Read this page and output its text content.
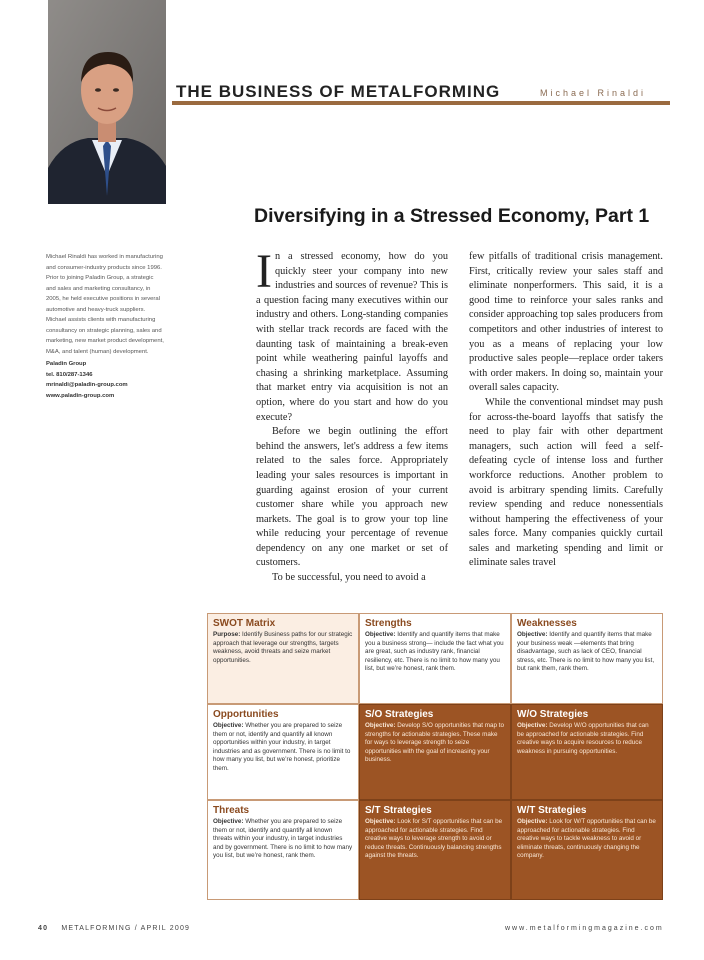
THE BUSINESS OF METALFORMING	Michael Rinaldi
Diversifying in a Stressed Economy, Part 1
Michael Rinaldi has worked in manufacturing and consumer-industry products since 1996. Prior to joining Paladin Group, a strategic and sales and marketing consultancy, in 2005, he held executive positions in several automotive and heavy-truck suppliers. Michael assists clients with manufacturing consultancy on strategic planning, sales and marketing, new market product development, M&A, and talent (human) development.
Paladin Group
tel. 810/287-1346
mrinaldi@paladin-group.com
www.paladin-group.com

In a stressed economy, how do you quickly steer your company into new industries and sources of revenue? This is a question facing many executives within our industry and others. Long-standing companies with stellar track records are faced with the daunting task of maintaining a break-even point while weathering painful layoffs and chasing a shrinking marketplace. Assuming that market entry via acquisition is not an option, where do you start and how do you execute?

Before we begin outlining the effort behind the answers, let's address a few items related to the sales force. Appropriately leading your sales resources is important in guarding against erosion of your current customer share while you approach new markets. The goal is to grow your top line while reducing your percentage of revenue dependency on any one market or set of customers.

To be successful, you need to avoid a

few pitfalls of traditional crisis management. First, critically review your sales staff and eliminate nonperformers. This said, it is a good time to reinforce your sales ranks and consider approaching top sales producers from competitors and other industries of interest to you as a means of replacing your low productive sales people—replace order takers with order makers. In doing so, maintain your overall sales capacity.

While the conventional mindset may push for across-the-board layoffs that satisfy the need to play fair with other department managers, such action will feed a self-defeating cycle of intense loss and further workforce reductions. Another problem to avoid is arbitrary spending limits. Carefully review spending and reduce nonessentials without hampering the effectiveness of your sales force. Many companies quickly curtail sales and marketing spending and limit or eliminate sales travel

SWOT Matrix
Purpose: Identify Business paths for our strategic approach that leverage our strengths, targets weakness, avoid threats and seize market opportunities.
Strengths
Objective: Identify and quantify items that make you a business strong— include the fact what you are great, such as industry rank, financial resiliency, etc. There is no limit to how many you list, but we’re honest, rank them.
Weaknesses
Objective: Identify and quantify items that make your business weak —elements that bring disadvantage, such as lack of CEO, financial stress, etc. There is no limit to how many you list, but rank them, rank them.
Opportunities
Objective: Whether you are prepared to seize them or not, identify and quantify all known opportunities within your industry, in target industries and as government. There is no limit to how many you list, but we’re honest, prioritize them.
S/O Strategies
Objective: Develop S/O opportunities that map to strengths for actionable strategies. These make for ways to leverage strength to seize opportunities with the goal of increasing your business.
W/O Strategies
Objective: Develop W/O opportunities that can be approached for actionable strategies. Find creative ways to acquire resources to reduce weakness in pursuing opportunities.
Threats
Objective: Whether you are prepared to seize them or not, identify and quantify all known threats within your industry, in target industries and by government. There is no limit to how many you list, but we’re honest, rank them.
S/T Strategies
Objective: Look for S/T opportunities that can be approached for actionable strategies. Find creative ways to leverage strength to avoid or reduce threats. Continuously balancing strengths against the threats.
W/T Strategies
Objective: Look for W/T opportunities that can be approached for actionable strategies. Find creative ways to tackle weakness to avoid or eliminate threats, continuously changing the company.
40 METALFORMING / APRIL 2009	www.metalformingmagazine.com
